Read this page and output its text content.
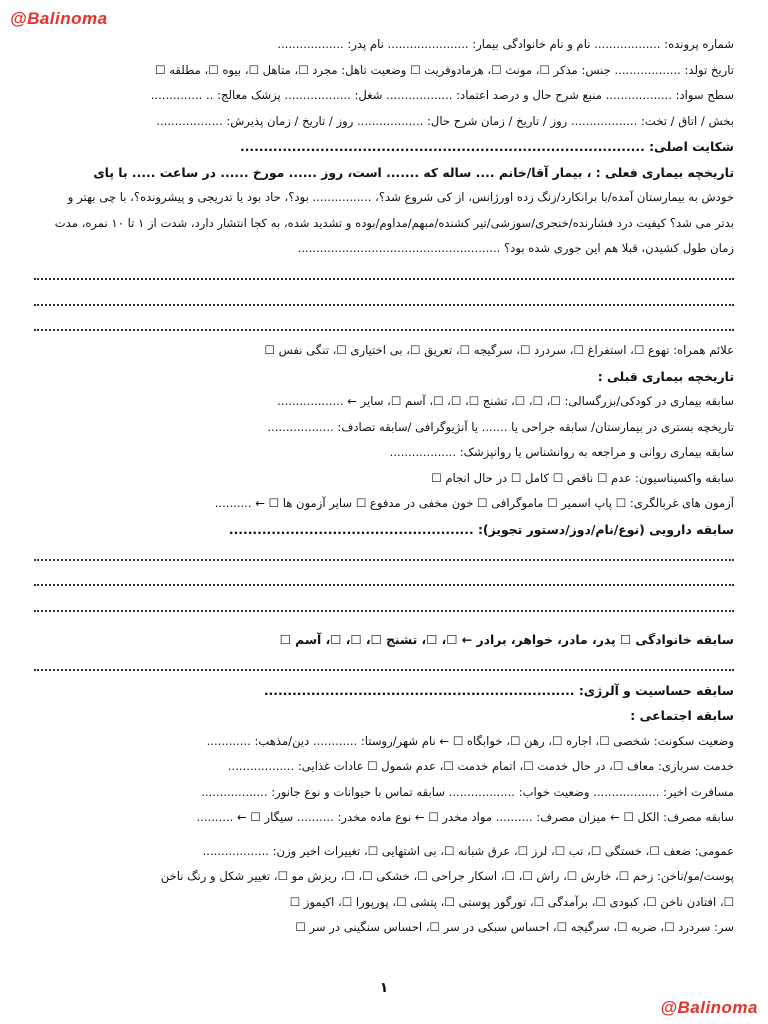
@Balinoma
شماره پرونده: .................. نام و نام خانوادگی بیمار: ...................... نام پدر: ..................
تاریخ تولد: .................. جنس: مذکر ☐، مونث ☐، هرمادوفریت ☐ وضعیت تاهل: مجرد ☐، متاهل ☐، بیوه ☐، مطلقه ☐
سطح سواد: .................. منبع شرح حال و درصد اعتماد: .................. شغل: .................. پزشک معالج: .. ..............
بخش / اتاق / تخت: .................. روز / تاریخ / زمان شرح حال: .................. روز / تاریخ / زمان پذیرش: ..................
شکایت اصلی: ......................................................................................
تاریخچه بیماری فعلی : ، بیمار آقا/خانم .... ساله که ....... است، روز ...... مورخ ...... در ساعت ..... با پای
خودش به بیمارستان آمده/با برانکارد/زنگ زده اورژانس، از کی شروع شد؟، ................ بود؟، حاد بود یا تدریجی و پیشرونده؟، با چی بهتر و
بدتر می شد؟ کیفیت درد فشارنده/خنجری/سوزشی/تیر کشنده/مبهم/مداوم/بوده و تشدید شده، به کجا انتشار دارد، شدت از ۱ تا ۱۰ نمره، مدت
زمان طول کشیدن، قبلا هم این جوری شده بود؟ .......................................................
علائم همراه: تهوع ☐، استفراغ ☐، سردرد ☐، سرگیجه ☐، تعریق ☐، بی اختیاری ☐، تنگی نفس ☐
تاریخچه بیماری قبلی :
سابقه بیماری در کودکی/بزرگسالی: ☐، ☐، ☐، تشنج ☐، ☐، ☐، آسم ☐، سایر ← ..................
تاریخچه بستری در بیمارستان/ سابقه جراحی یا ....... یا آنژیوگرافی /سابقه تصادف: ..................
سابقه بیماری روانی و مراجعه به روانشناس یا روانپزشک: ..................
سابقه واکسیناسیون: عدم ☐ ناقص ☐ کامل ☐ در حال انجام ☐
آزمون های غربالگری: ☐ پاپ اسمیر ☐ ماموگرافی ☐ خون مخفی در مدفوع ☐ سایر آزمون ها ☐ ← ..........
سابقه دارویی (نوع/نام/دوز/دستور تجویز): ....................................................
سابقه خانوادگی ☐ پدر، مادر، خواهر، برادر ← ☐، ☐، تشنج ☐، ☐، ☐، آسم ☐
سابقه حساسیت و آلرژی: ..................................................................
سابقه اجتماعی :
وضعیت سکونت: شخصی ☐، اجاره ☐، رهن ☐، خوابگاه ☐ ← نام شهر/روستا: ............ دین/مذهب: ............
خدمت سربازی: معاف ☐، در حال خدمت ☐، اتمام خدمت ☐، عدم شمول ☐ عادات غذایی: ..................
مسافرت اخیر: .................. وضعیت خواب: .................. سابقه تماس با حیوانات و نوع جانور: ..................
سابقه مصرف: الکل ☐ ← میزان مصرف: .......... مواد مخدر ☐ ← نوع ماده مخدر: .......... سیگار ☐ ← ..........
عمومی: ضعف ☐، خستگی ☐، تب ☐، لرز ☐، عرق شبانه ☐، بی اشتهایی ☐، تغییرات اخیر وزن: ..................
پوست/مو/ناخن: زخم ☐، خارش ☐، راش ☐، ☐، اسکار جراحی ☐، خشکی ☐، ☐، ریزش مو ☐، تغییر شکل و رنگ ناخن
☐، افتادن ناخن ☐، کبودی ☐، برآمدگی ☐، تورگور پوستی ☐، پتشی ☐، پورپورا ☐، اکیموز ☐
سر: سردرد ☐، ضربه ☐، سرگیجه ☐، احساس سبکی در سر ☐، احساس سنگینی در سر ☐
۱
@Balinoma
